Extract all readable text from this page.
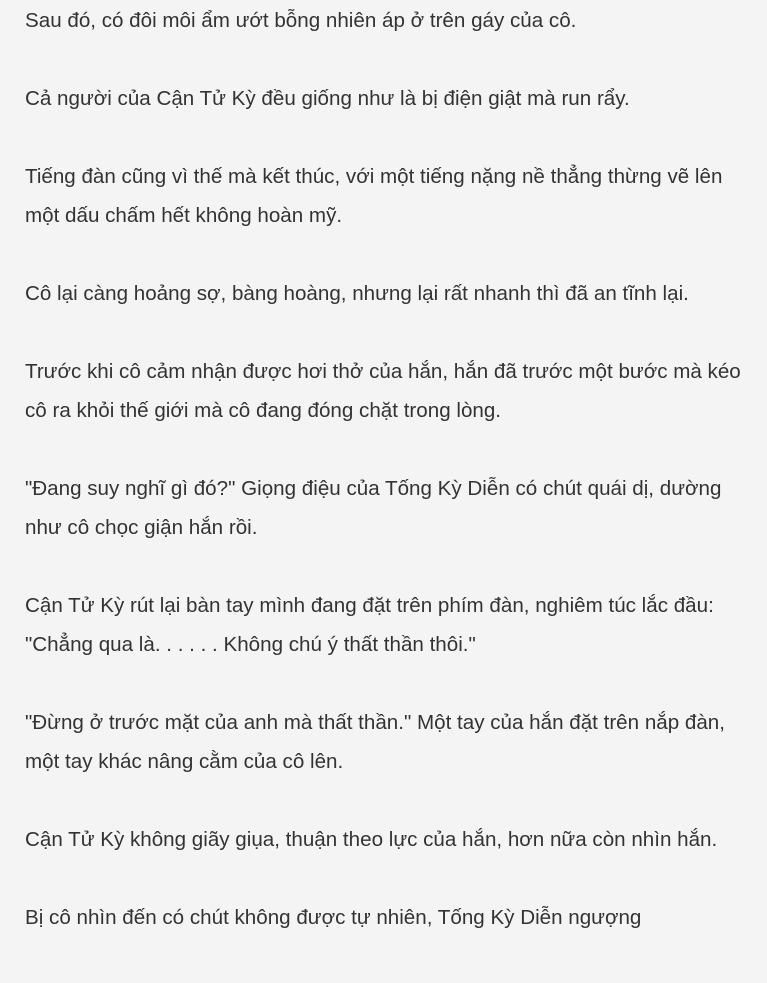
Sau đó, có đôi môi ẩm ướt bỗng nhiên áp ở trên gáy của cô.

Cả người của Cận Tử Kỳ đều giống như là bị điện giật mà run rẩy.

Tiếng đàn cũng vì thế mà kết thúc, với một tiếng nặng nề thẳng thừng vẽ lên một dấu chấm hết không hoàn mỹ.

Cô lại càng hoảng sợ, bàng hoàng, nhưng lại rất nhanh thì đã an tĩnh lại.

Trước khi cô cảm nhận được hơi thở của hắn, hắn đã trước một bước mà kéo cô ra khỏi thế giới mà cô đang đóng chặt trong lòng.

"Đang suy nghĩ gì đó?" Giọng điệu của Tống Kỳ Diễn có chút quái dị, dường như cô chọc giận hắn rồi.

Cận Tử Kỳ rút lại bàn tay mình đang đặt trên phím đàn, nghiêm túc lắc đầu: "Chẳng qua là. . . . . . Không chú ý thất thần thôi."

"Đừng ở trước mặt của anh mà thất thần." Một tay của hắn đặt trên nắp đàn, một tay khác nâng cằm của cô lên.

Cận Tử Kỳ không giãy giụa, thuận theo lực của hắn, hơn nữa còn nhìn hắn.

Bị cô nhìn đến có chút không được tự nhiên, Tống Kỳ Diễn ngượng
